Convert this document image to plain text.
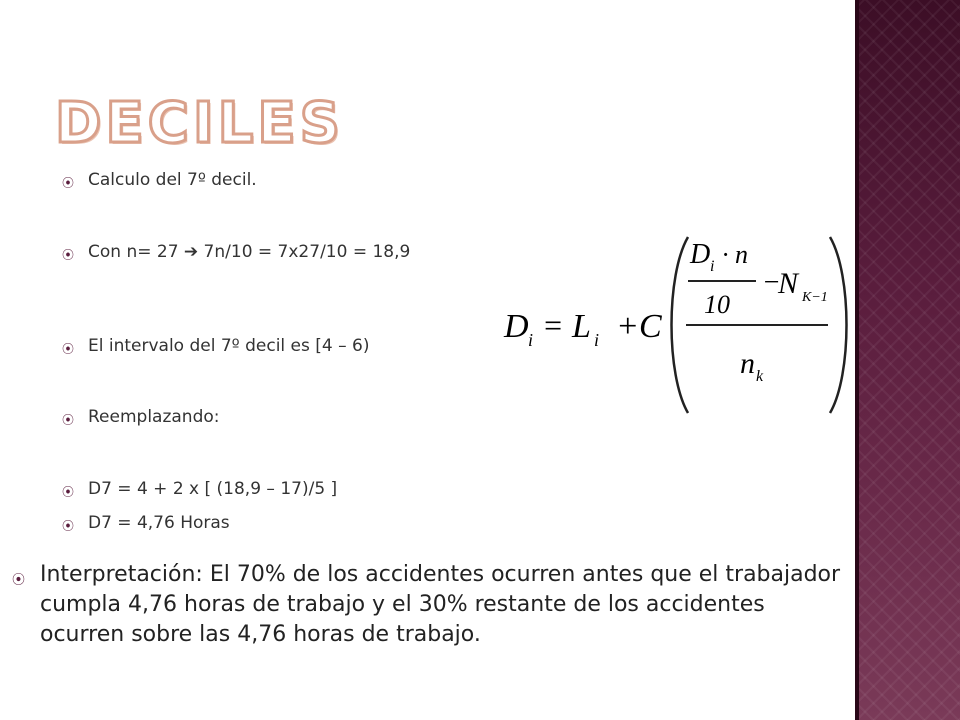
DECILES
⦿ Calculo del 7º decil.
⦿ Con n= 27 ➔ 7n/10 = 7x27/10 = 18,9
⦿ El intervalo del 7º decil es [4 – 6)
⦿ Reemplazando:
⦿ D7 = 4 + 2 x [ (18,9 – 17)/5 ]
⦿ D7 = 4,76 Horas
D i = L i +C
D i · n
10
−
N K−1
n k
⦿ Interpretación: El 70% de los accidentes ocurren antes que el trabajador cumpla 4,76 horas de trabajo y el 30% restante de los accidentes ocurren sobre las 4,76 horas de trabajo.
